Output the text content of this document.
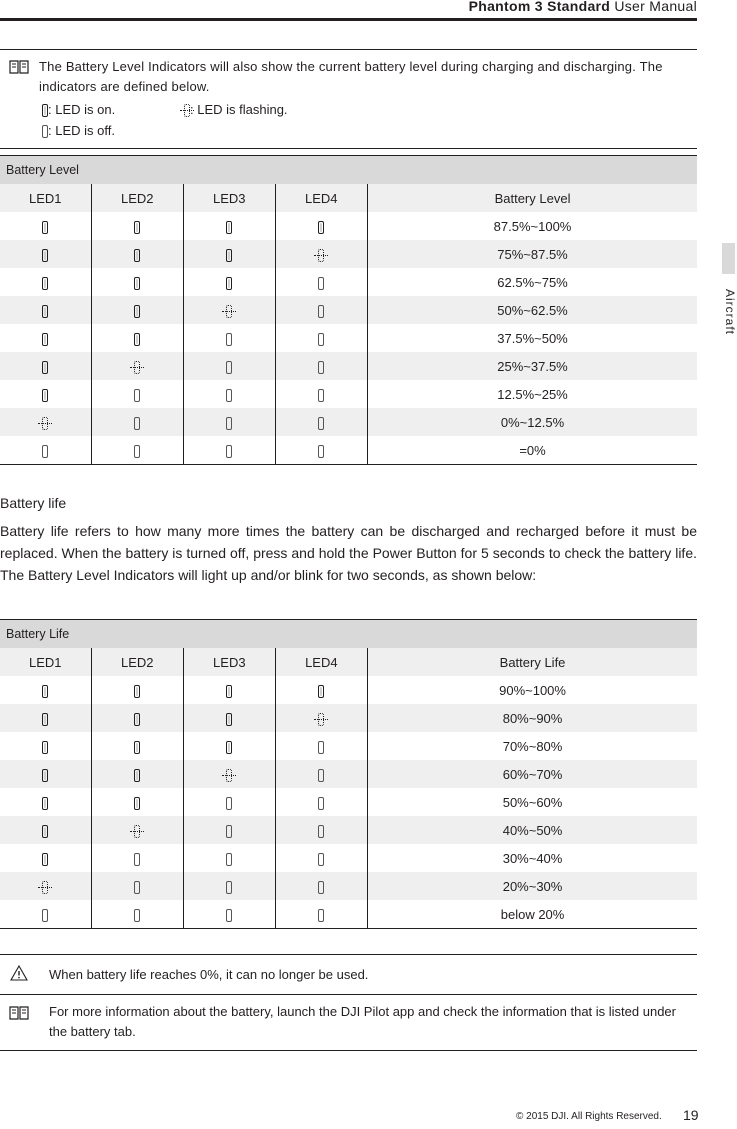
Phantom 3 Standard User Manual
Aircraft
The Battery Level Indicators will also show the current battery level during charging and discharging. The indicators are defined below.
: LED is on.	: LED is flashing.
: LED is off.
Battery Level				
LED1	LED2	LED3	LED4	Battery Level
				87.5%~100%
				75%~87.5%
				62.5%~75%
				50%~62.5%
				37.5%~50%
				25%~37.5%
				12.5%~25%
				0%~12.5%
				=0%
Battery life
Battery life refers to how many more times the battery can be discharged and recharged before it must be replaced. When the battery is turned off, press and hold the Power Button for 5 seconds to check the battery life. The Battery Level Indicators will light up and/or blink for two seconds, as shown below:
Battery Life				
LED1	LED2	LED3	LED4	Battery Life
				90%~100%
				80%~90%
				70%~80%
				60%~70%
				50%~60%
				40%~50%
				30%~40%
				20%~30%
				below 20%
When battery life reaches 0%, it can no longer be used.
For more information about the battery, launch the DJI Pilot app and check the information that is listed under the battery tab.
© 2015 DJI. All Rights Reserved. 19
